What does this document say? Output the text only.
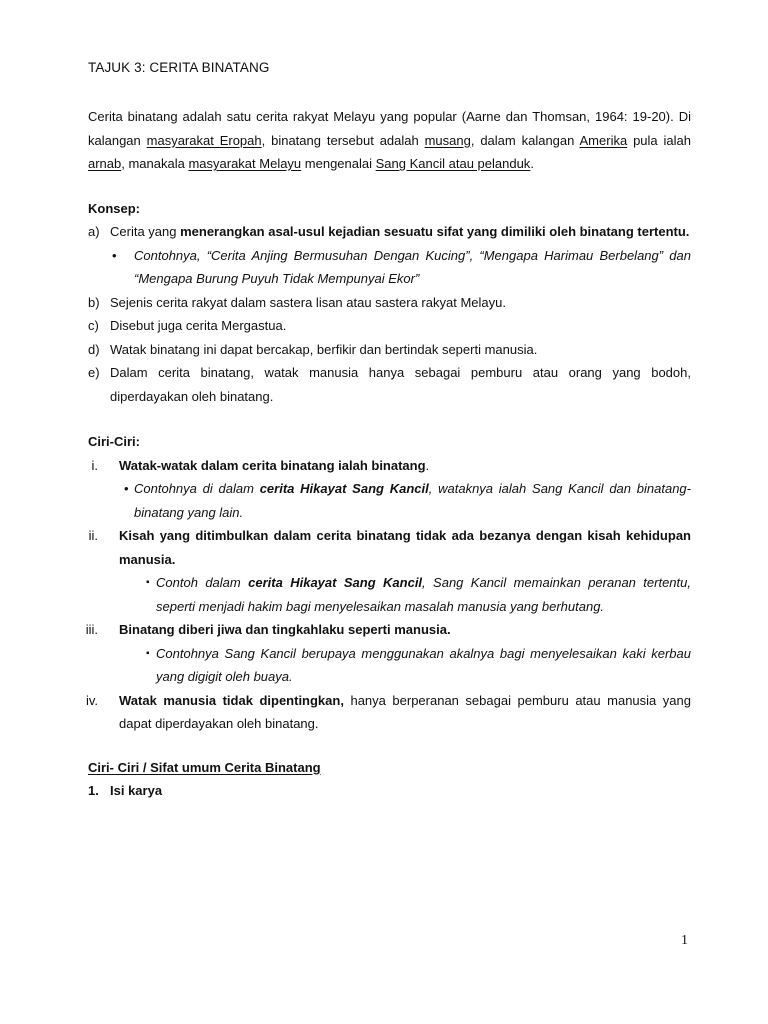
TAJUK 3: CERITA BINATANG

Cerita binatang adalah satu cerita rakyat Melayu yang popular (Aarne dan Thomsan, 1964: 19-20). Di kalangan masyarakat Eropah, binatang tersebut adalah musang, dalam kalangan Amerika pula ialah arnab, manakala masyarakat Melayu mengenalai Sang Kancil atau pelanduk.

Konsep:

a) Cerita yang menerangkan asal-usul kejadian sesuatu sifat yang dimiliki oleh binatang tertentu.
• Contohnya, “Cerita Anjing Bermusuhan Dengan Kucing”, “Mengapa Harimau Berbelang” dan “Mengapa Burung Puyuh Tidak Mempunyai Ekor”
b) Sejenis cerita rakyat dalam sastera lisan atau sastera rakyat Melayu.
c) Disebut juga cerita Mergastua.
d) Watak binatang ini dapat bercakap, berfikir dan bertindak seperti manusia.
e) Dalam cerita binatang, watak manusia hanya sebagai pemburu atau orang yang bodoh, diperdayakan oleh binatang.

Ciri-Ciri:

i. Watak-watak dalam cerita binatang ialah binatang.
• Contohnya di dalam cerita Hikayat Sang Kancil, wataknya ialah Sang Kancil dan binatang-binatang yang lain.
ii. Kisah yang ditimbulkan dalam cerita binatang tidak ada bezanya dengan kisah kehidupan manusia.
▪ Contoh dalam cerita Hikayat Sang Kancil, Sang Kancil memainkan peranan tertentu, seperti menjadi hakim bagi menyelesaikan masalah manusia yang berhutang.
iii. Binatang diberi jiwa dan tingkahlaku seperti manusia.
▪ Contohnya Sang Kancil berupaya menggunakan akalnya bagi menyelesaikan kaki kerbau yang digigit oleh buaya.
iv. Watak manusia tidak dipentingkan, hanya berperanan sebagai pemburu atau manusia yang dapat diperdayakan oleh binatang.

Ciri- Ciri / Sifat umum Cerita Binatang

1. Isi karya
1
